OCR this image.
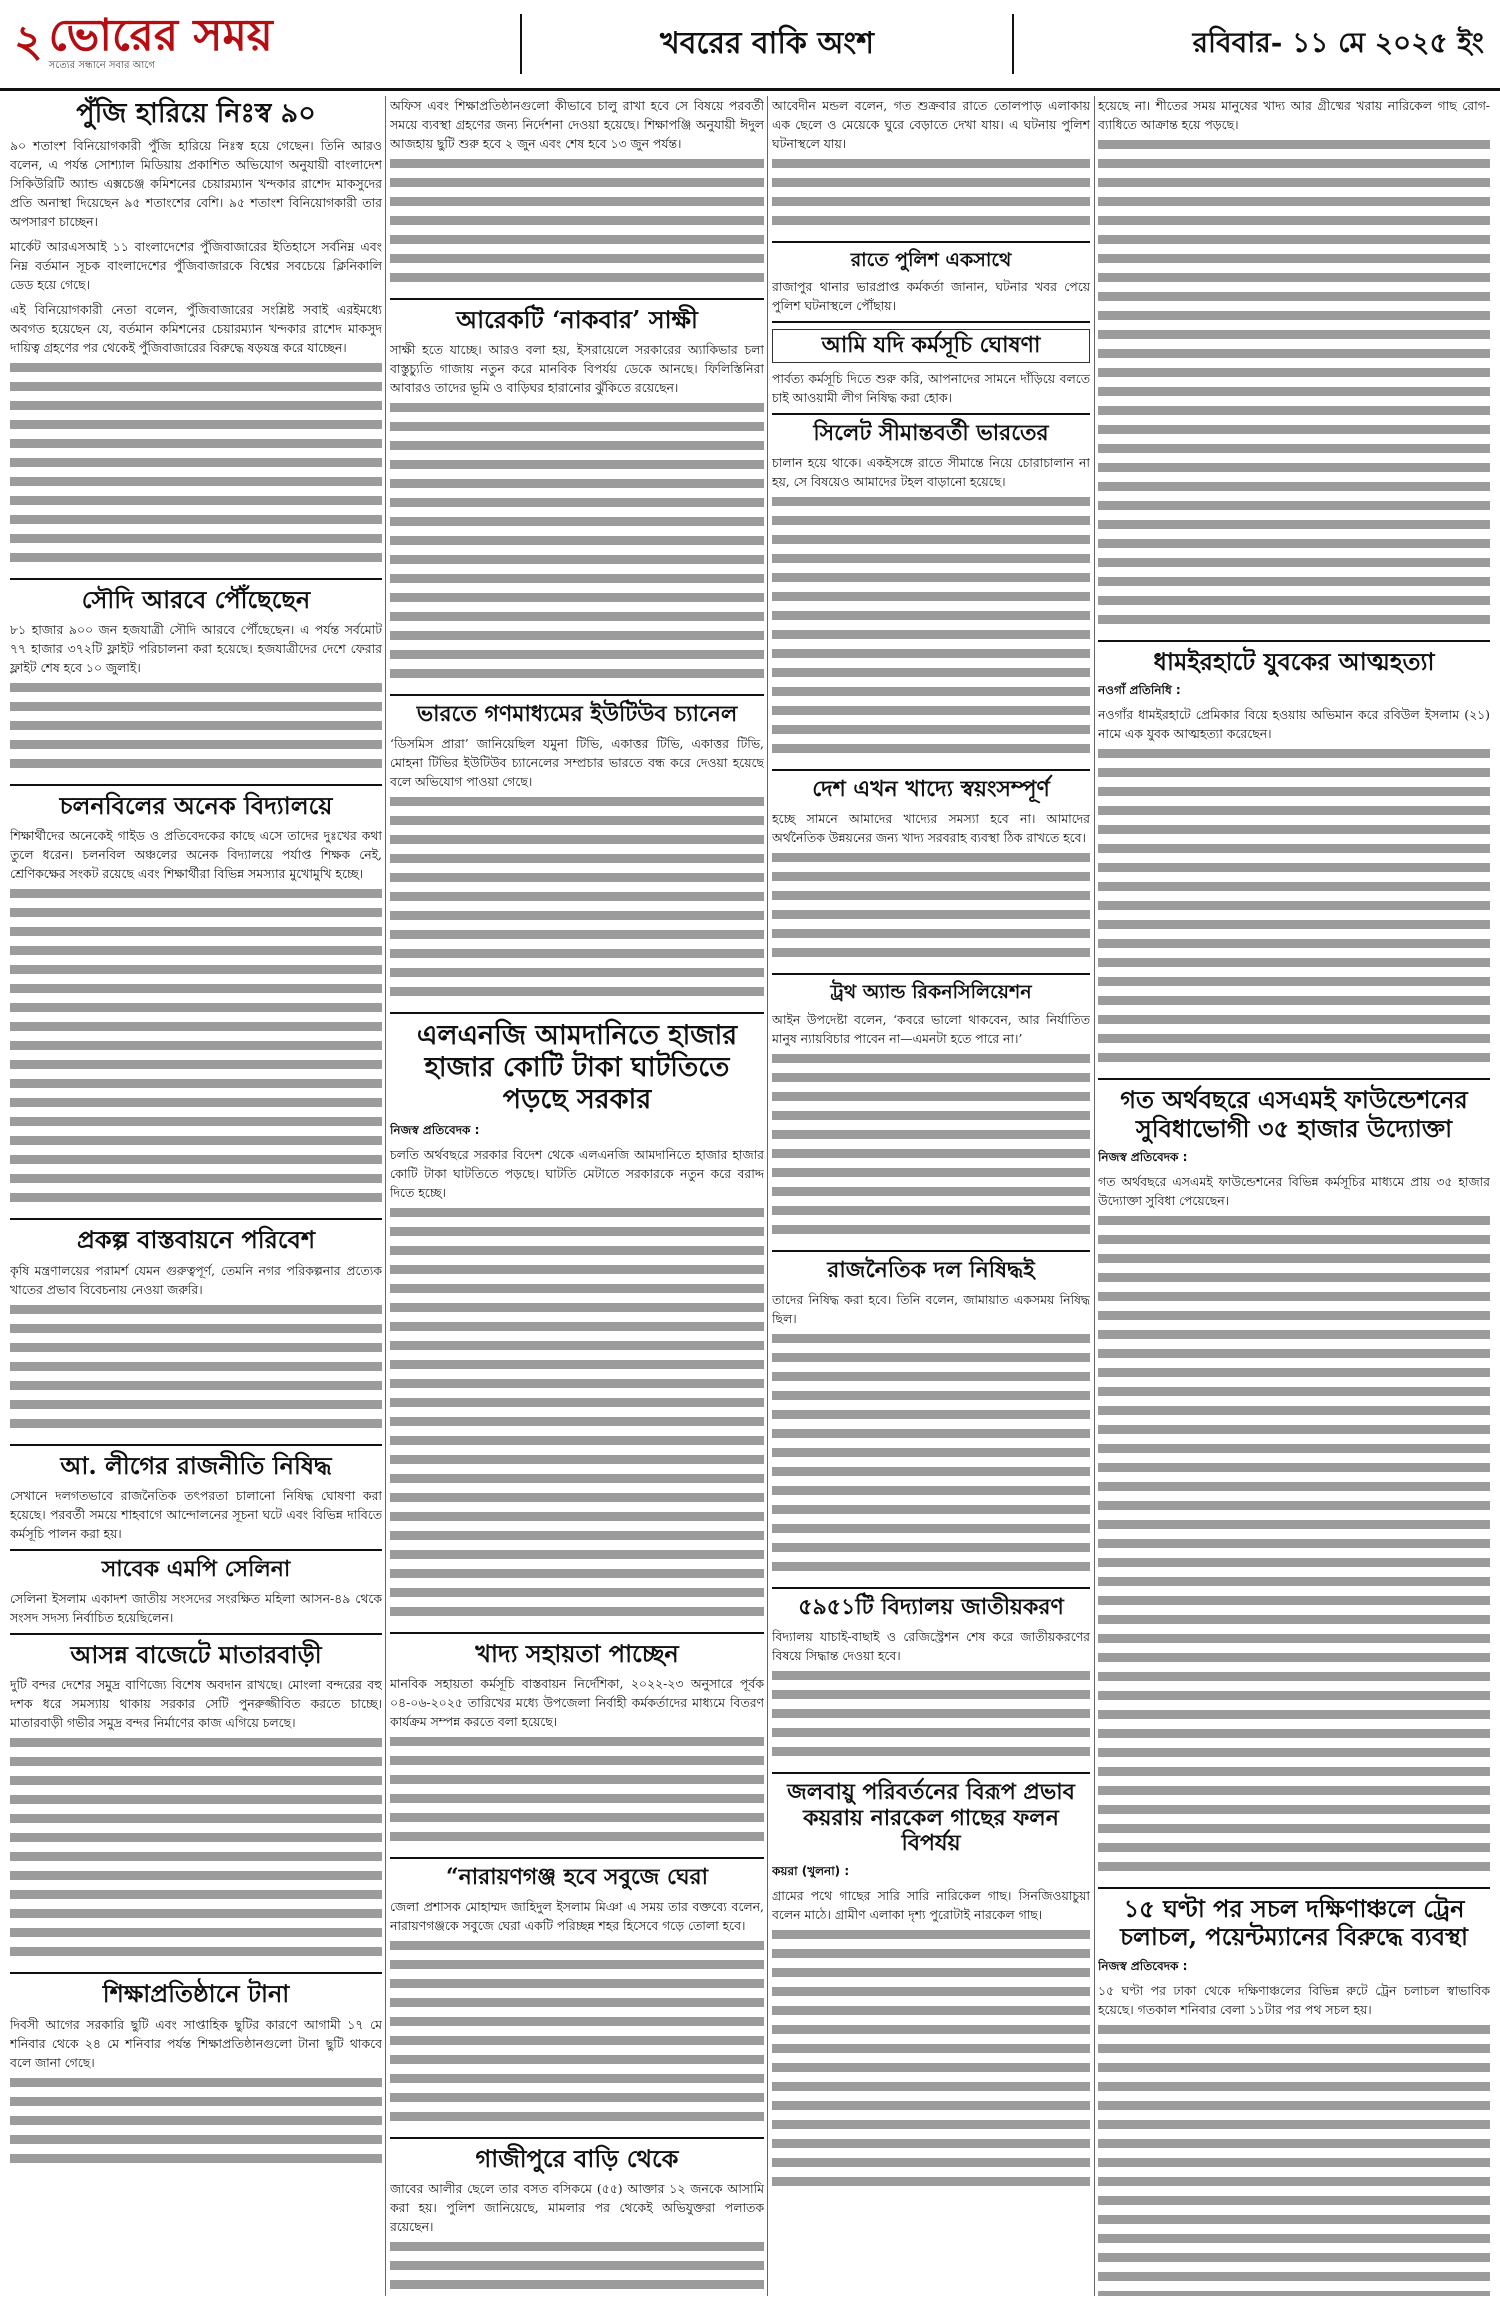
২ ভোরের সময়
সত্যের সন্ধানে সবার আগে
খবরের বাকি অংশ	রবিবার- ১১ মে ২০২৫ ইং
পুঁজি হারিয়ে নিঃস্ব ৯০

৯০ শতাংশ বিনিয়োগকারী পুঁজি হারিয়ে নিঃস্ব হয়ে গেছেন। তিনি আরও বলেন, এ পর্যন্ত সোশ্যাল মিডিয়ায় প্রকাশিত অভিযোগ অনুযায়ী বাংলাদেশ সিকিউরিটি অ্যান্ড এক্সচেঞ্জ কমিশনের চেয়ারম্যান খন্দকার রাশেদ মাকসুদের প্রতি অনাস্থা দিয়েছেন ৯৫ শতাংশের বেশি। ৯৫ শতাংশ বিনিয়োগকারী তার অপসারণ চাচ্ছেন।

মার্কেট আরএসআই ১১ বাংলাদেশের পুঁজিবাজারের ইতিহাসে সর্বনিম্ন এবং নিম্ন বর্তমান সূচক বাংলাদেশের পুঁজিবাজারকে বিশ্বের সবচেয়ে ক্লিনিকালি ডেড হয়ে গেছে।

এই বিনিয়োগকারী নেতা বলেন, পুঁজিবাজারের সংশ্লিষ্ট সবাই এরইমধ্যে অবগত হয়েছেন যে, বর্তমান কমিশনের চেয়ারম্যান খন্দকার রাশেদ মাকসুদ দায়িত্ব গ্রহণের পর থেকেই পুঁজিবাজারের বিরুদ্ধে ষড়যন্ত্র করে যাচ্ছেন।

সৌদি আরবে পৌঁছেছেন

৮১ হাজার ৯০০ জন হজযাত্রী সৌদি আরবে পৌঁছেছেন। এ পর্যন্ত সর্বমোট ৭৭ হাজার ৩৭২টি ফ্লাইট পরিচালনা করা হয়েছে। হজযাত্রীদের দেশে ফেরার ফ্লাইট শেষ হবে ১০ জুলাই।

চলনবিলের অনেক বিদ্যালয়ে

শিক্ষার্থীদের অনেকেই গাইড ও প্রতিবেদকের কাছে এসে তাদের দুঃখের কথা তুলে ধরেন। চলনবিল অঞ্চলের অনেক বিদ্যালয়ে পর্যাপ্ত শিক্ষক নেই, শ্রেণিকক্ষের সংকট রয়েছে এবং শিক্ষার্থীরা বিভিন্ন সমস্যার মুখোমুখি হচ্ছে।

প্রকল্প বাস্তবায়নে পরিবেশ

কৃষি মন্ত্রণালয়ের পরামর্শ যেমন গুরুত্বপূর্ণ, তেমনি নগর পরিকল্পনার প্রত্যেক খাতের প্রভাব বিবেচনায় নেওয়া জরুরি।

আ. লীগের রাজনীতি নিষিদ্ধ

সেখানে দলগতভাবে রাজনৈতিক তৎপরতা চালানো নিষিদ্ধ ঘোষণা করা হয়েছে। পরবর্তী সময়ে শাহবাগে আন্দোলনের সূচনা ঘটে এবং বিভিন্ন দাবিতে কর্মসূচি পালন করা হয়।

সাবেক এমপি সেলিনা

সেলিনা ইসলাম একাদশ জাতীয় সংসদের সংরক্ষিত মহিলা আসন-৪৯ থেকে সংসদ সদস্য নির্বাচিত হয়েছিলেন।

আসন্ন বাজেটে মাতারবাড়ী

দুটি বন্দর দেশের সমুদ্র বাণিজ্যে বিশেষ অবদান রাখছে। মোংলা বন্দরের বহু দশক ধরে সমস্যায় থাকায় সরকার সেটি পুনরুজ্জীবিত করতে চাচ্ছে। মাতারবাড়ী গভীর সমুদ্র বন্দর নির্মাণের কাজ এগিয়ে চলছে।

শিক্ষাপ্রতিষ্ঠানে টানা

দিবসী আগের সরকারি ছুটি এবং সাপ্তাহিক ছুটির কারণে আগামী ১৭ মে শনিবার থেকে ২৪ মে শনিবার পর্যন্ত শিক্ষাপ্রতিষ্ঠানগুলো টানা ছুটি থাকবে বলে জানা গেছে।

অফিস এবং শিক্ষাপ্রতিষ্ঠানগুলো কীভাবে চালু রাখা হবে সে বিষয়ে পরবর্তী সময়ে ব্যবস্থা গ্রহণের জন্য নির্দেশনা দেওয়া হয়েছে। শিক্ষাপঞ্জি অনুযায়ী ঈদুল আজহায় ছুটি শুরু হবে ২ জুন এবং শেষ হবে ১৩ জুন পর্যন্ত।

আরেকটি ‘নাকবার’ সাক্ষী

সাক্ষী হতে যাচ্ছে। আরও বলা হয়, ইসরায়েলে সরকারের অ্যাকিভার চলা বাস্তুচ্যুতি গাজায় নতুন করে মানবিক বিপর্যয় ডেকে আনছে। ফিলিস্তিনিরা আবারও তাদের ভূমি ও বাড়িঘর হারানোর ঝুঁকিতে রয়েছেন।

ভারতে গণমাধ্যমের ইউটিউব চ্যানেল

‘ডিসমিস প্রারা’ জানিয়েছিল যমুনা টিভি, একাত্তর টিভি, একাত্তর টিভি, মোহনা টিভির ইউটিউব চ্যানেলের সম্প্রচার ভারতে বন্ধ করে দেওয়া হয়েছে বলে অভিযোগ পাওয়া গেছে।

এলএনজি আমদানিতে হাজার হাজার কোটি টাকা ঘাটতিতে পড়ছে সরকার
নিজস্ব প্রতিবেদক :

চলতি অর্থবছরে সরকার বিদেশ থেকে এলএনজি আমদানিতে হাজার হাজার কোটি টাকা ঘাটতিতে পড়ছে। ঘাটতি মেটাতে সরকারকে নতুন করে বরাদ্দ দিতে হচ্ছে।

খাদ্য সহায়তা পাচ্ছেন

মানবিক সহায়তা কর্মসূচি বাস্তবায়ন নির্দেশিকা, ২০২২-২৩ অনুসারে পূর্বক ০৪-০৬-২০২৫ তারিখের মধ্যে উপজেলা নির্বাহী কর্মকর্তাদের মাধ্যমে বিতরণ কার্যক্রম সম্পন্ন করতে বলা হয়েছে।

“নারায়ণগঞ্জ হবে সবুজে ঘেরা

জেলা প্রশাসক মোহাম্মদ জাহিদুল ইসলাম মিঞা এ সময় তার বক্তব্যে বলেন, নারায়ণগঞ্জকে সবুজে ঘেরা একটি পরিচ্ছন্ন শহর হিসেবে গড়ে তোলা হবে।

গাজীপুরে বাড়ি থেকে

জাবের আলীর ছেলে তার বসত বসিকমে (৫৫) আক্তার ১২ জনকে আসামি করা হয়। পুলিশ জানিয়েছে, মামলার পর থেকেই অভিযুক্তরা পলাতক রয়েছেন।

আবেদীন মন্ডল বলেন, গত শুক্রবার রাতে তোলপাড় এলাকায় এক ছেলে ও মেয়েকে ঘুরে বেড়াতে দেখা যায়। এ ঘটনায় পুলিশ ঘটনাস্থলে যায়।

রাতে পুলিশ একসাথে

রাজাপুর থানার ভারপ্রাপ্ত কর্মকর্তা জানান, ঘটনার খবর পেয়ে পুলিশ ঘটনাস্থলে পৌঁছায়।

আমি যদি কর্মসূচি ঘোষণা

পার্বত্য কর্মসূচি দিতে শুরু করি, আপনাদের সামনে দাঁড়িয়ে বলতে চাই আওয়ামী লীগ নিষিদ্ধ করা হোক।

সিলেট সীমান্তবর্তী ভারতের

চালান হয়ে থাকে। একইসঙ্গে রাতে সীমান্তে নিয়ে চোরাচালান না হয়, সে বিষয়েও আমাদের টহল বাড়ানো হয়েছে।

দেশ এখন খাদ্যে স্বয়ংসম্পূর্ণ

হচ্ছে সামনে আমাদের খাদ্যের সমস্যা হবে না। আমাদের অর্থনৈতিক উন্নয়নের জন্য খাদ্য সরবরাহ ব্যবস্থা ঠিক রাখতে হবে।

ট্রথ অ্যান্ড রিকনসিলিয়েশন

আইন উপদেষ্টা বলেন, ‘কবরে ভালো থাকবেন, আর নির্যাতিত মানুষ ন্যায়বিচার পাবেন না—এমনটা হতে পারে না।’

রাজনৈতিক দল নিষিদ্ধই

তাদের নিষিদ্ধ করা হবে। তিনি বলেন, জামায়াত একসময় নিষিদ্ধ ছিল।

৫৯৫১টি বিদ্যালয় জাতীয়করণ

বিদ্যালয় যাচাই-বাছাই ও রেজিস্ট্রেশন শেষ করে জাতীয়করণের বিষয়ে সিদ্ধান্ত দেওয়া হবে।

জলবায়ু পরিবর্তনের বিরূপ প্রভাব কয়রায় নারকেল গাছের ফলন বিপর্যয়
কয়রা (খুলনা) :

গ্রামের পথে গাছের সারি সারি নারিকেল গাছ। সিনজিওয়াচুয়া বলেন মাঠে। গ্রামীণ এলাকা দৃশ্য পুরোটাই নারকেল গাছ।

হয়েছে না। শীতের সময় মানুষের খাদ্য আর গ্রীষ্মের খরায় নারিকেল গাছ রোগ-ব্যাধিতে আক্রান্ত হয়ে পড়ছে।

ধামইরহাটে যুবকের আত্মহত্যা
নওগাঁ প্রতিনিধি :

নওগাঁর ধামইরহাটে প্রেমিকার বিয়ে হওয়ায় অভিমান করে রবিউল ইসলাম (২১) নামে এক যুবক আত্মহত্যা করেছেন।

গত অর্থবছরে এসএমই ফাউন্ডেশনের সুবিধাভোগী ৩৫ হাজার উদ্যোক্তা
নিজস্ব প্রতিবেদক :

গত অর্থবছরে এসএমই ফাউন্ডেশনের বিভিন্ন কর্মসূচির মাধ্যমে প্রায় ৩৫ হাজার উদ্যোক্তা সুবিধা পেয়েছেন।

১৫ ঘণ্টা পর সচল দক্ষিণাঞ্চলে ট্রেন চলাচল, পয়েন্টম্যানের বিরুদ্ধে ব্যবস্থা
নিজস্ব প্রতিবেদক :

১৫ ঘণ্টা পর ঢাকা থেকে দক্ষিণাঞ্চলের বিভিন্ন রুটে ট্রেন চলাচল স্বাভাবিক হয়েছে। গতকাল শনিবার বেলা ১১টার পর পথ সচল হয়।
